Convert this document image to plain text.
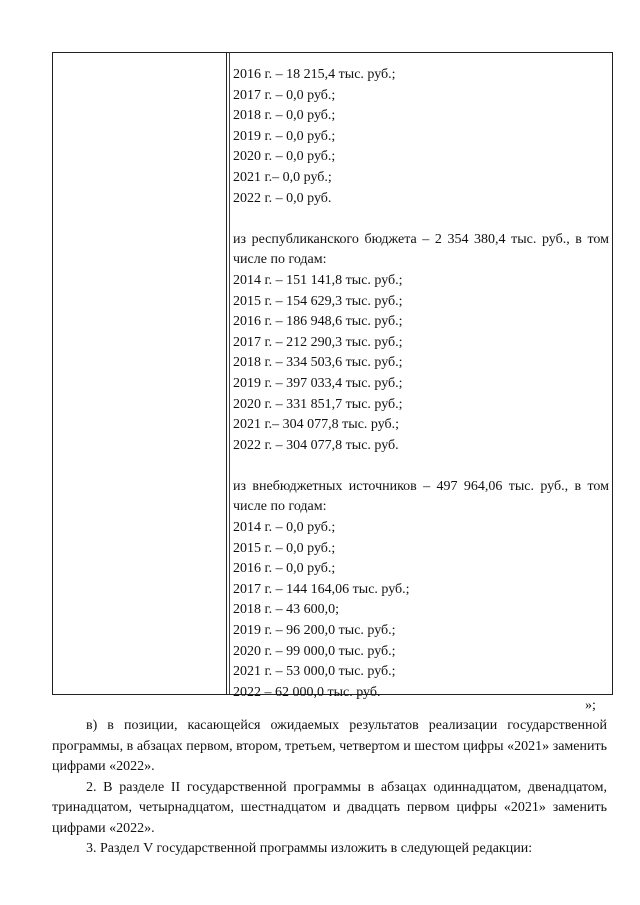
2016 г. – 18 215,4 тыс. руб.;
2017 г. – 0,0 руб.;
2018 г. – 0,0 руб.;
2019 г. – 0,0 руб.;
2020 г. – 0,0 руб.;
2021 г.– 0,0 руб.;
2022 г. – 0,0 руб.
из республиканского бюджета – 2 354 380,4 тыс. руб., в том числе по годам:
2014 г. – 151 141,8 тыс. руб.;
2015 г. – 154 629,3 тыс. руб.;
2016 г. – 186 948,6 тыс. руб.;
2017 г. – 212 290,3 тыс. руб.;
2018 г. – 334 503,6 тыс. руб.;
2019 г. – 397 033,4 тыс. руб.;
2020 г. – 331 851,7 тыс. руб.;
2021 г.– 304 077,8 тыс. руб.;
2022 г. – 304 077,8 тыс. руб.
из внебюджетных источников – 497 964,06 тыс. руб., в том числе по годам:
2014 г. – 0,0 руб.;
2015 г. – 0,0 руб.;
2016 г. – 0,0 руб.;
2017 г. – 144 164,06 тыс. руб.;
2018 г. – 43 600,0;
2019 г. – 96 200,0 тыс. руб.;
2020 г. – 99 000,0 тыс. руб.;
2021 г. – 53 000,0 тыс. руб.;
2022 – 62 000,0 тыс. руб.
»;

в) в позиции, касающейся ожидаемых результатов реализации государственной программы, в абзацах первом, втором, третьем, четвертом и шестом цифры «2021» заменить цифрами «2022».

2. В разделе II государственной программы в абзацах одиннадцатом, двенадцатом, тринадцатом, четырнадцатом, шестнадцатом и двадцать первом цифры «2021» заменить цифрами «2022».

3. Раздел V государственной программы изложить в следующей редакции:
